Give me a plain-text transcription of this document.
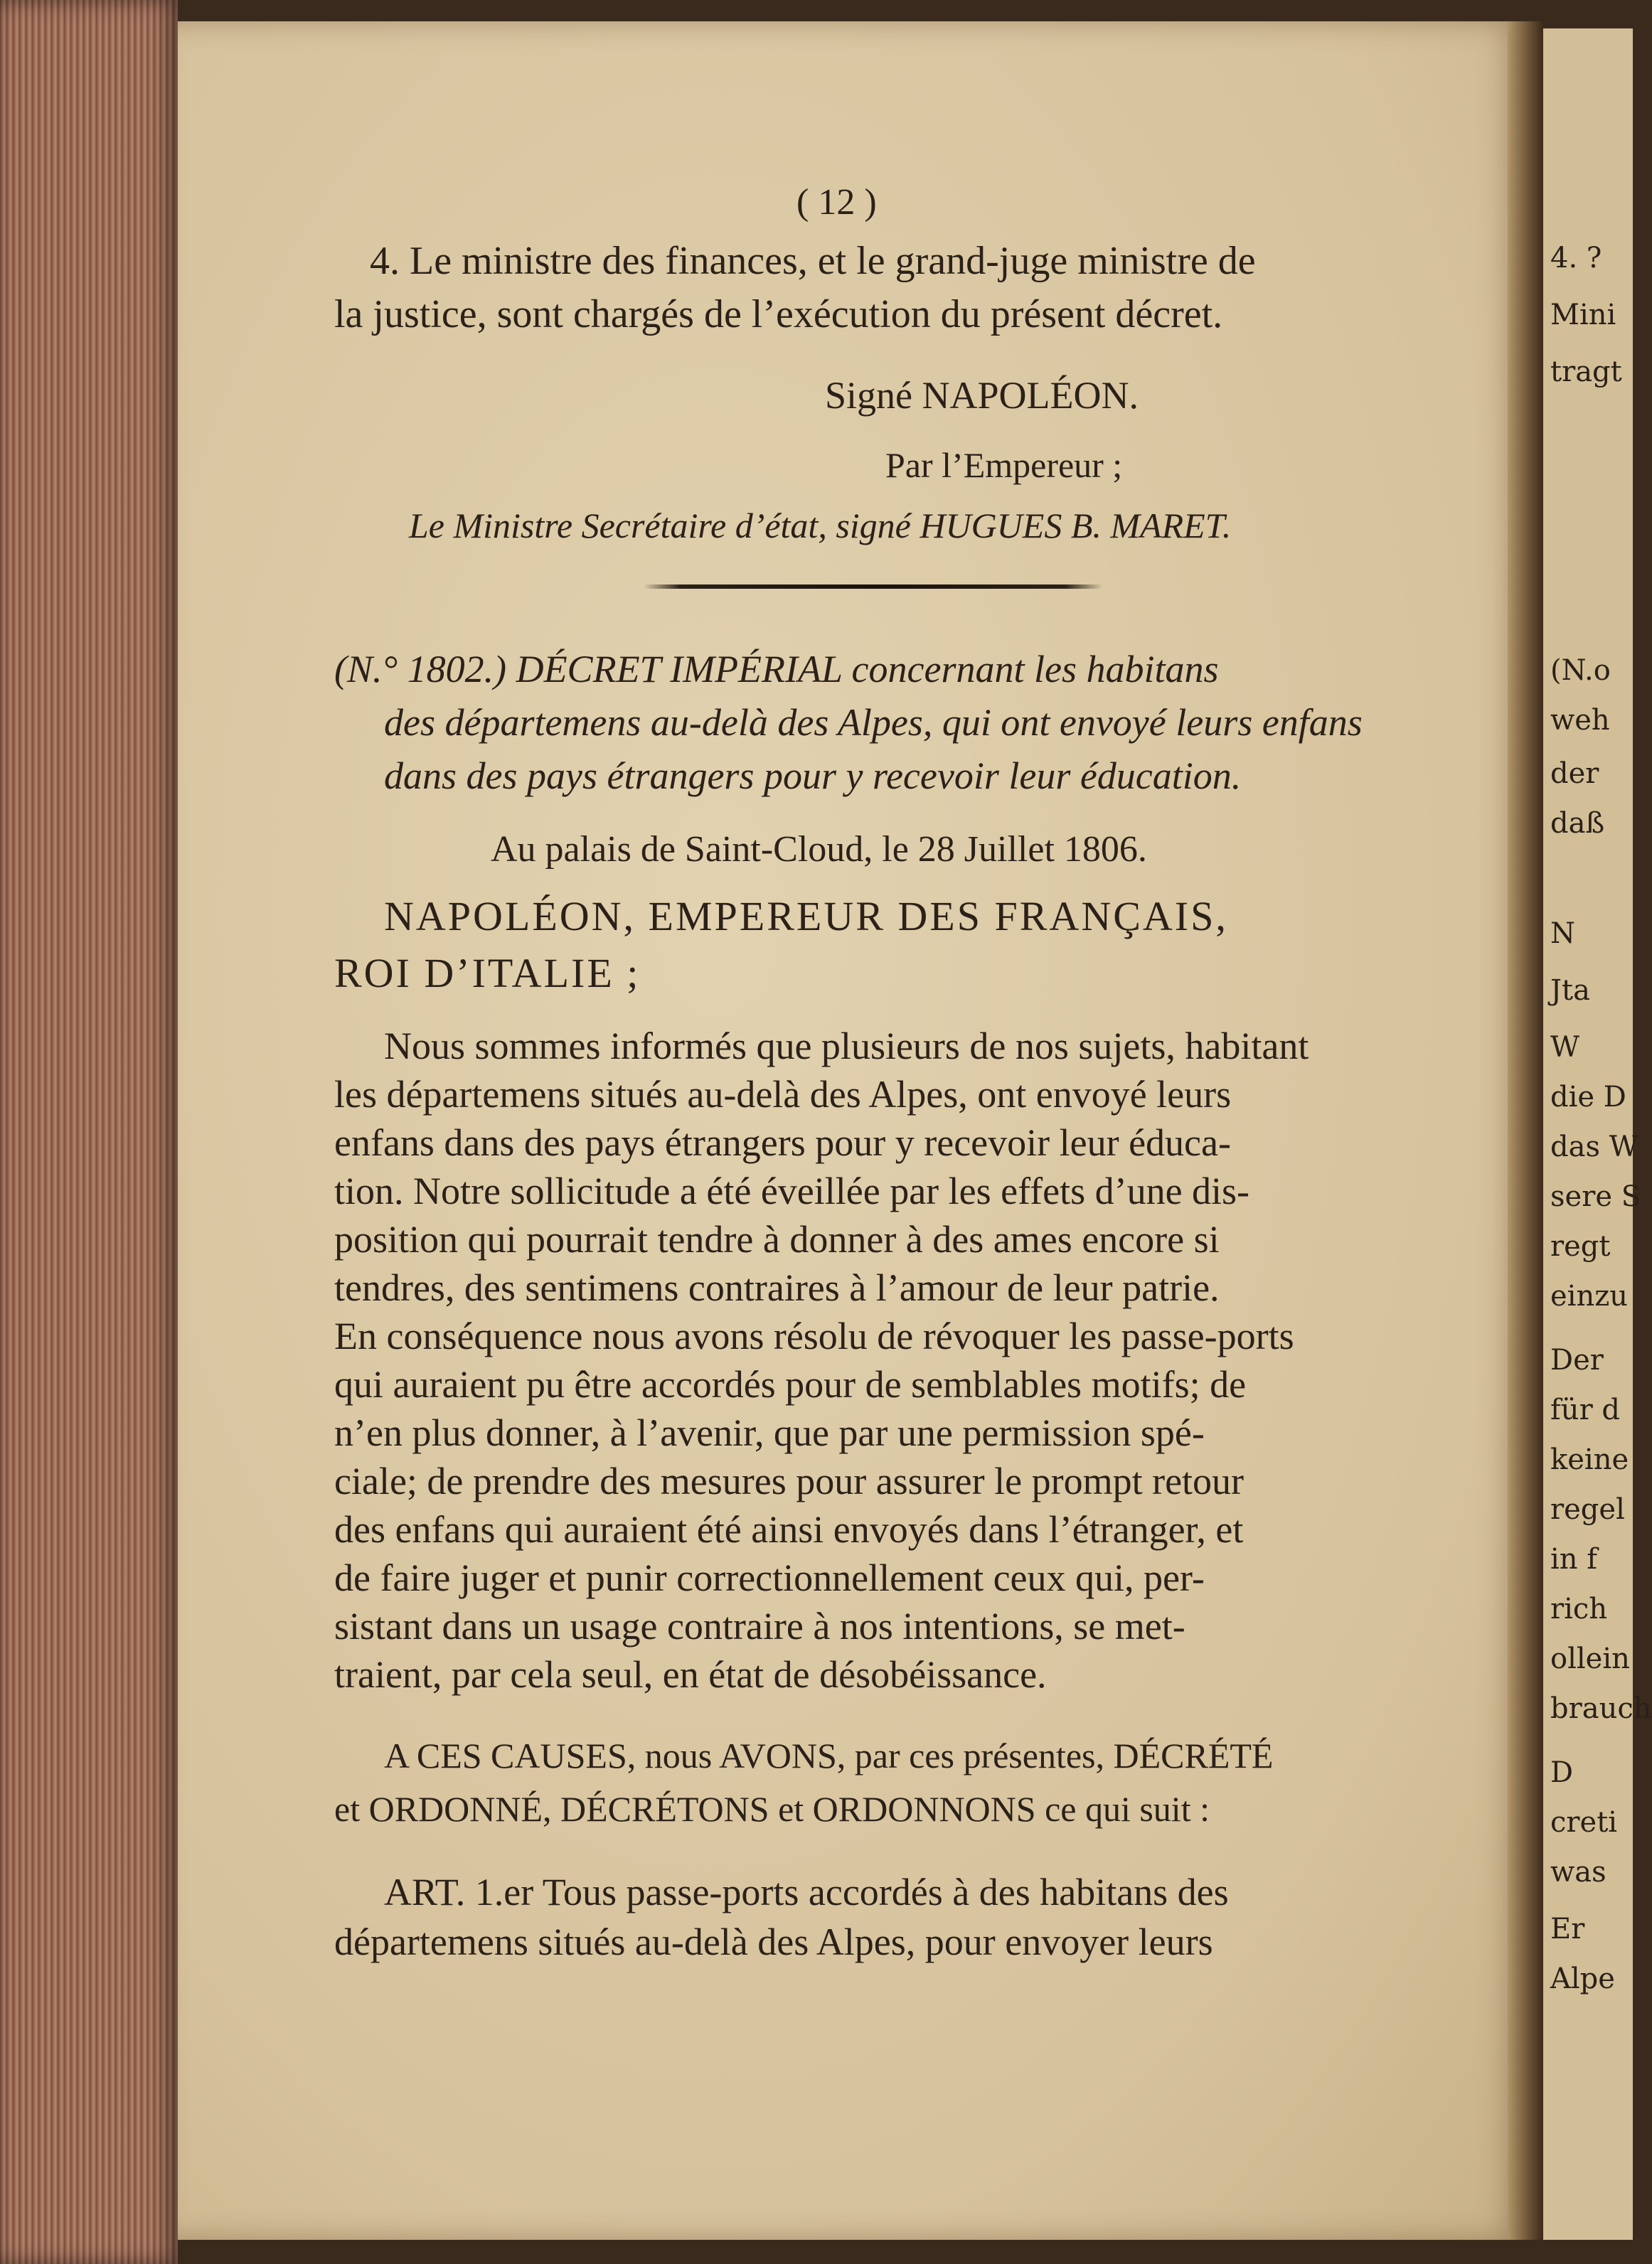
4. ?
Mini
tragt
(N.o
weh
der
daß
N
Jta
W
die D
das W
sere S
regt
einzu
Der
für d
keine
regel
in f
rich
ollein
brauch
D
creti
was
Er
Alpe
( 12 )
4. Le ministre des finances, et le grand-juge ministre de
la justice, sont chargés de l’exécution du présent décret.
Signé NAPOLÉON.
Par l’Empereur ;
Le Ministre Secrétaire d’état, signé HUGUES B. MARET.
(N.° 1802.) DÉCRET IMPÉRIAL concernant les habitans
des départemens au-delà des Alpes, qui ont envoyé leurs enfans
dans des pays étrangers pour y recevoir leur éducation.
Au palais de Saint-Cloud, le 28 Juillet 1806.
NAPOLÉON, EMPEREUR DES FRANÇAIS,
ROI D’ITALIE ;
Nous sommes informés que plusieurs de nos sujets, habitant
les départemens situés au-delà des Alpes, ont envoyé leurs
enfans dans des pays étrangers pour y recevoir leur éduca-
tion. Notre sollicitude a été éveillée par les effets d’une dis-
position qui pourrait tendre à donner à des ames encore si
tendres, des sentimens contraires à l’amour de leur patrie.
En conséquence nous avons résolu de révoquer les passe-ports
qui auraient pu être accordés pour de semblables motifs; de
n’en plus donner, à l’avenir, que par une permission spé-
ciale; de prendre des mesures pour assurer le prompt retour
des enfans qui auraient été ainsi envoyés dans l’étranger, et
de faire juger et punir correctionnellement ceux qui, per-
sistant dans un usage contraire à nos intentions, se met-
traient, par cela seul, en état de désobéissance.
A CES CAUSES, nous AVONS, par ces présentes, DÉCRÉTÉ
et ORDONNÉ, DÉCRÉTONS et ORDONNONS ce qui suit :
ART. 1.er Tous passe-ports accordés à des habitans des
départemens situés au-delà des Alpes, pour envoyer leurs
